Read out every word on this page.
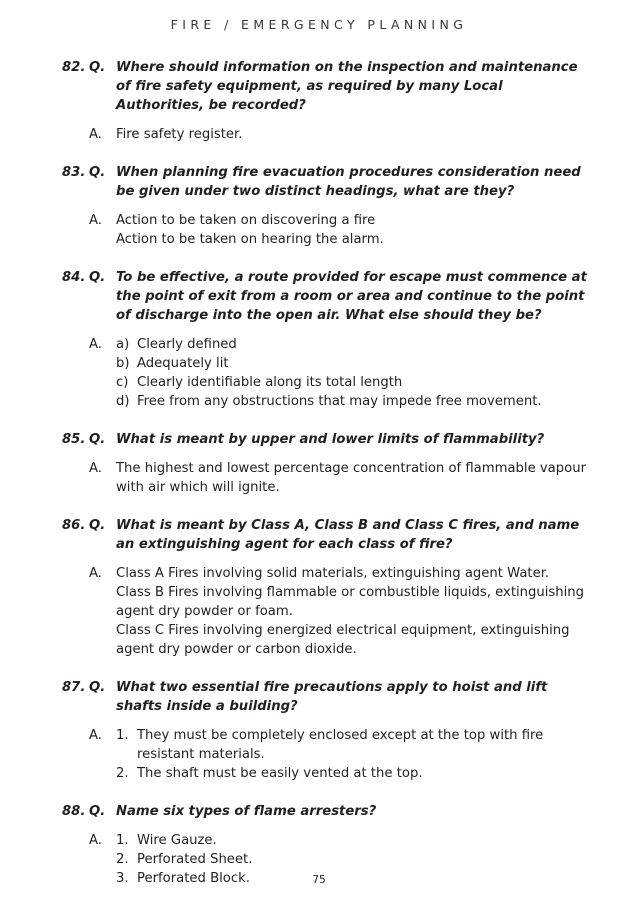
FIRE / EMERGENCY PLANNING
82. Q. Where should information on the inspection and maintenance of fire safety equipment, as required by many Local Authorities, be recorded?
A.	Fire safety register.
83. Q. When planning fire evacuation procedures consideration need be given under two distinct headings, what are they?
A.	Action to be taken on discovering a fire
Action to be taken on hearing the alarm.
84. Q. To be effective, a route provided for escape must commence at the point of exit from a room or area and continue to the point of discharge into the open air. What else should they be?
A.	a) Clearly defined
b) Adequately lit
c) Clearly identifiable along its total length
d) Free from any obstructions that may impede free movement.
85. Q. What is meant by upper and lower limits of flammability?
A.	The highest and lowest percentage concentration of flammable vapour with air which will ignite.
86. Q. What is meant by Class A, Class B and Class C fires, and name an extinguishing agent for each class of fire?
A.	Class A Fires involving solid materials, extinguishing agent Water.
Class B Fires involving flammable or combustible liquids, extinguishing agent dry powder or foam.
Class C Fires involving energized electrical equipment, extinguishing agent dry powder or carbon dioxide.
87. Q. What two essential fire precautions apply to hoist and lift shafts inside a building?
A.	1. They must be completely enclosed except at the top with fire resistant materials.
2. The shaft must be easily vented at the top.
88. Q. Name six types of flame arresters?
A.	1. Wire Gauze.
2. Perforated Sheet.
3. Perforated Block.	75
